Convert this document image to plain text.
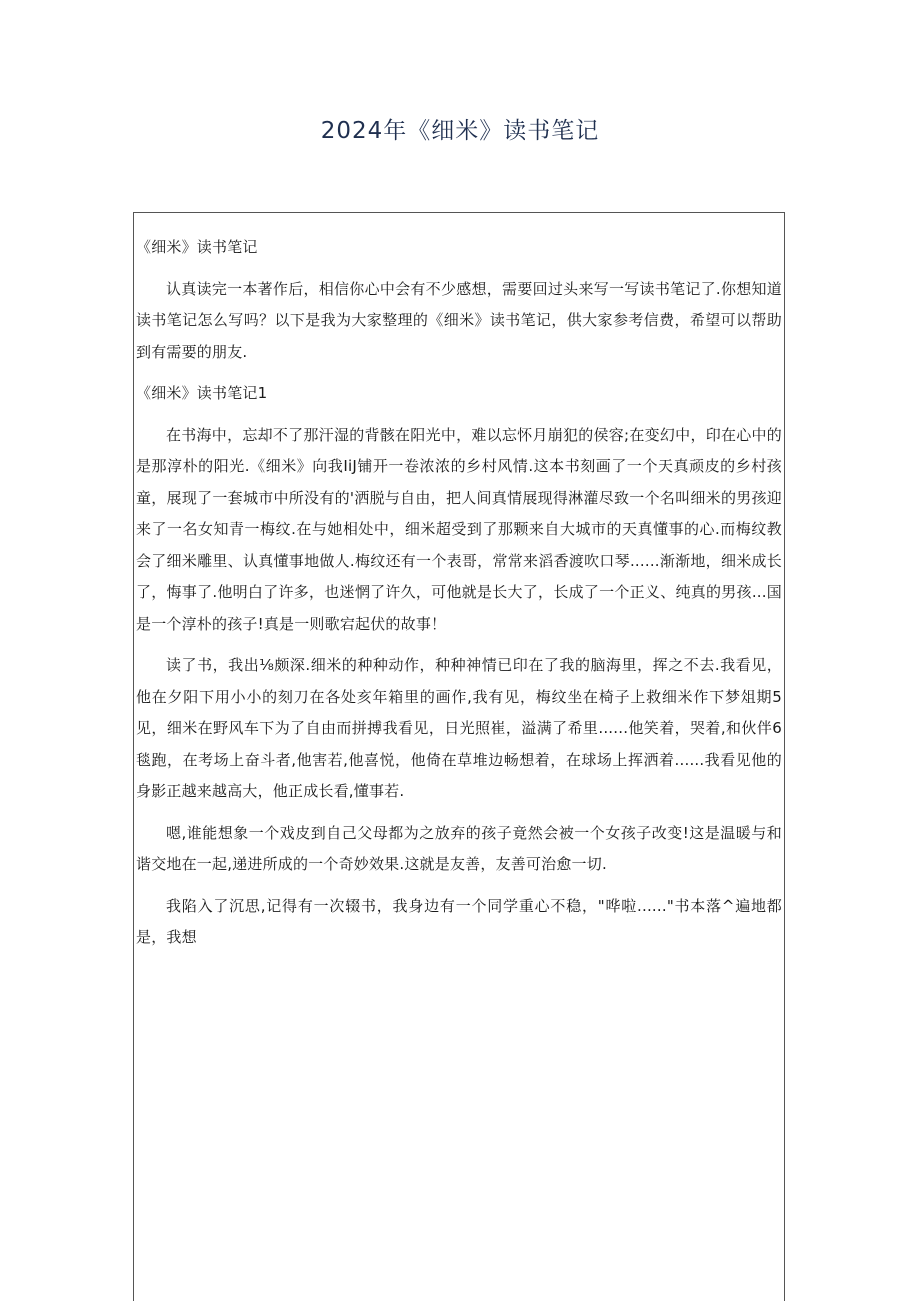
2024年《细米》读书笔记

《细米》读书笔记

认真读完一本著作后，相信你心中会有不少感想，需要回过头来写一写读书笔记了.你想知道读书笔记怎么写吗？以下是我为大家整理的《细米》读书笔记，供大家参考信费，希望可以帮助到有需要的朋友.

《细米》读书笔记1

在书海中，忘却不了那汗湿的背骸在阳光中，难以忘怀月崩犯的侯容;在变幻中，印在心中的是那淳朴的阳光.《细米》向我IiJ铺开一卷浓浓的乡村风情.这本书刻画了一个天真顽皮的乡村孩童，展现了一套城市中所没有的'洒脱与自由，把人间真情展现得淋灌尽致一个名叫细米的男孩迎来了一名女知青一梅纹.在与她相处中，细米超受到了那颗来自大城市的天真懂事的心.而梅纹教会了细米雕里、认真懂事地做人.梅纹还有一个表哥，常常来滔香渡吹口琴......渐渐地，细米成长了，悔事了.他明白了许多，也迷惘了许久，可他就是长大了，长成了一个正义、纯真的男孩...国是一个淳朴的孩子!真是一则歌宕起伏的故事！

读了书，我出⅛颇深.细米的种种动作，种种神情已印在了我的脑海里，挥之不去.我看见，他在夕阳下用小小的刻刀在各处亥年箱里的画作,我有见，梅纹坐在椅子上救细米作下梦俎期5见，细米在野风车下为了自由而拼搏我看见，日光照崔，溢满了希里......他笑着，哭着,和伙伴6毯跑，在考场上奋斗者,他害若,他喜悦，他倚在草堆边畅想着，在球场上挥洒着......我看见他的身影正越来越高大，他正成长看,懂事若.

嗯,谁能想象一个戏皮到自己父母都为之放弃的孩子竟然会被一个女孩子改变!这是温暖与和谐交地在一起,递进所成的一个奇妙效果.这就是友善，友善可治愈一切.

我陷入了沉思,记得有一次辍书，我身边有一个同学重心不稳，"哗啦......"书本落^遍地都是，我想
